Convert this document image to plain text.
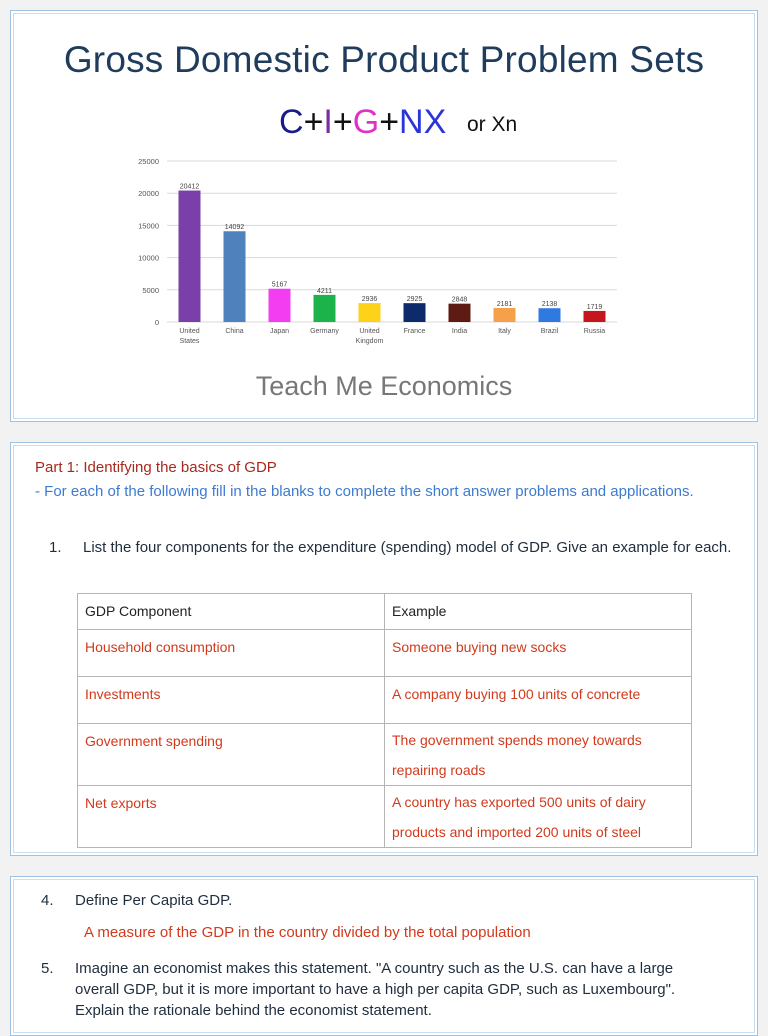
Gross Domestic Product Problem Sets
C+I+G+NX or Xn
0
5000
10000
15000
20000
25000
20412
United
States
14092
China
5167
Japan
4211
Germany
2936
United
Kingdom
2925
France
2848
India
2181
Italy
2138
Brazil
1719
Russia
Teach Me Economics
Part 1: Identifying the basics of GDP
- For each of the following fill in the blanks to complete the short answer problems and applications.
1. List the four components for the expenditure (spending) model of GDP. Give an example for each.
GDP Component	Example
Household consumption	Someone buying new socks
Investments	A company buying 100 units of concrete
Government spending	The government spends money towards repairing roads

Net exports	A country has exported 500 units of dairy products and imported 200 units of steel
4. Define Per Capita GDP.
A measure of the GDP in the country divided by the total population
5. Imagine an economist makes this statement. "A country such as the U.S. can have a large overall GDP, but it is more important to have a high per capita GDP, such as Luxembourg". Explain the rationale behind the economist statement.
